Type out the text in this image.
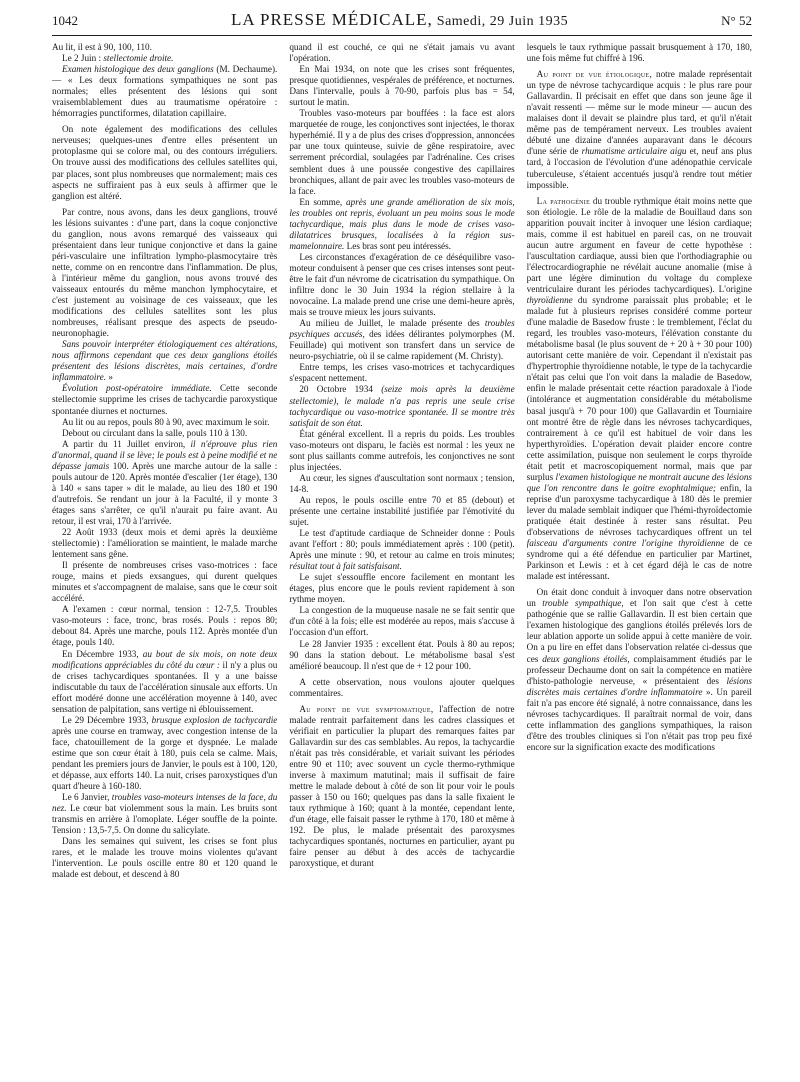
1042	LA PRESSE MÉDICALE, Samedi, 29 Juin 1935	N° 52

Au lit, il est à 90, 100, 110.

Le 2 Juin : stellectomie droite.

Examen histologique des deux ganglions (M. Dechaume). — « Les deux formations sympathiques ne sont pas normales; elles présentent des lésions qui sont vraisemblablement dues au traumatisme opératoire : hémorragies punctiformes, dilatation capillaire.

On note également des modifications des cellules nerveuses; quelques-unes d'entre elles présentent un protoplasme qui se colore mal, ou des contours irréguliers. On trouve aussi des modifications des cellules satellites qui, par places, sont plus nombreuses que normalement; mais ces aspects ne suffiraient pas à eux seuls à affirmer que le ganglion est altéré.

Par contre, nous avons, dans les deux ganglions, trouvé les lésions suivantes : d'une part, dans la coque conjonctive du ganglion, nous avons remarqué des vaisseaux qui présentaient dans leur tunique conjonctive et dans la gaine péri-vasculaire une infiltration lympho-plasmocytaire très nette, comme on en rencontre dans l'inflammation. De plus, à l'intérieur même du ganglion, nous avons trouvé des vaisseaux entourés du même manchon lymphocytaire, et c'est justement au voisinage de ces vaisseaux, que les modifications des cellules satellites sont les plus nombreuses, réalisant presque des aspects de pseudo-neuronophagie.

Sans pouvoir interpréter étiologiquement ces altérations, nous affirmons cependant que ces deux ganglions étoilés présentent des lésions discrètes, mais certaines, d'ordre inflammatoire. »

Évolution post-opératoire immédiate. Cette seconde stellectomie supprime les crises de tachycardie paroxystique spontanée diurnes et nocturnes.

Au lit ou au repos, pouls 80 à 90, avec maximum le soir.

Debout ou circulant dans la salle, pouls 110 à 130.

A partir du 11 Juillet environ, il n'éprouve plus rien d'anormal, quand il se lève; le pouls est à peine modifié et ne dépasse jamais 100. Après une marche autour de la salle : pouls autour de 120. Après montée d'escalier (1er étage), 130 à 140 « sans taper » dit le malade, au lieu des 180 et 190 d'autrefois. Se rendant un jour à la Faculté, il y monte 3 étages sans s'arrêter, ce qu'il n'aurait pu faire avant. Au retour, il est vrai, 170 à l'arrivée.

22 Août 1933 (deux mois et demi après la deuxième stellectomie) : l'amélioration se maintient, le malade marche lentement sans gêne.

Il présente de nombreuses crises vaso-motrices : face rouge, mains et pieds exsangues, qui durent quelques minutes et s'accompagnent de malaise, sans que le cœur soit accéléré.

A l'examen : cœur normal, tension : 12-7,5. Troubles vaso-moteurs : face, tronc, bras rosés. Pouls : repos 80; debout 84. Après une marche, pouls 112. Après montée d'un étage, pouls 140.

En Décembre 1933, au bout de six mois, on note deux modifications appréciables du côté du cœur : il n'y a plus ou de crises tachycardiques spontanées. Il y a une baisse indiscutable du taux de l'accélération sinusale aux efforts. Un effort modéré donne une accélération moyenne à 140, avec sensation de palpitation, sans vertige ni éblouissement.

Le 29 Décembre 1933, brusque explosion de tachycardie après une course en tramway, avec congestion intense de la face, chatouillement de la gorge et dyspnée. Le malade estime que son cœur était à 180, puis cela se calme. Mais, pendant les premiers jours de Janvier, le pouls est à 100, 120, et dépasse, aux efforts 140. La nuit, crises paroxystiques d'un quart d'heure à 160-180.

Le 6 Janvier, troubles vaso-moteurs intenses de la face, du nez. Le cœur bat violemment sous la main. Les bruits sont transmis en arrière à l'omoplate. Léger souffle de la pointe. Tension : 13,5-7,5. On donne du salicylate.

Dans les semaines qui suivent, les crises se font plus rares, et le malade les trouve moins violentes qu'avant l'intervention. Le pouls oscille entre 80 et 120 quand le malade est debout, et descend à 80

quand il est couché, ce qui ne s'était jamais vu avant l'opération.

En Mai 1934, on note que les crises sont fréquentes, presque quotidiennes, vespérales de préférence, et nocturnes. Dans l'intervalle, pouls à 70-90, parfois plus bas = 54, surtout le matin.

Troubles vaso-moteurs par bouffées : la face est alors marquetée de rouge, les conjonctives sont injectées, le thorax hyperhémié. Il y a de plus des crises d'oppression, annoncées par une toux quinteuse, suivie de gêne respiratoire, avec serrement précordial, soulagées par l'adrénaline. Ces crises semblent dues à une poussée congestive des capillaires bronchiques, allant de pair avec les troubles vaso-moteurs de la face.

En somme, après une grande amélioration de six mois, les troubles ont repris, évoluant un peu moins sous le mode tachycardique, mais plus dans le mode de crises vaso-dilatatrices brusques, localisées à la région sus-mamelonnaire. Les bras sont peu intéressés.

Les circonstances d'exagération de ce déséquilibre vaso-moteur conduisent à penser que ces crises intenses sont peut-être le fait d'un névrome de cicatrisation du sympathique. On infiltre donc le 30 Juin 1934 la région stellaire à la novocaïne. La malade prend une crise une demi-heure après, mais se trouve mieux les jours suivants.

Au milieu de Juillet, le malade présente des troubles psychiques accusés, des idées délirantes polymorphes (M. Feuillade) qui motivent son transfert dans un service de neuro-psychiatrie, où il se calme rapidement (M. Christy).

Entre temps, les crises vaso-motrices et tachycardiques s'espacent nettement.

20 Octobre 1934 (seize mois après la deuxième stellectomie), le malade n'a pas repris une seule crise tachycardique ou vaso-motrice spontanée. Il se montre très satisfait de son état.

État général excellent. Il a repris du poids. Les troubles vaso-moteurs ont disparu, le faciès est normal : les yeux ne sont plus saillants comme autrefois, les conjonctives ne sont plus injectées.

Au cœur, les signes d'auscultation sont normaux ; tension, 14-8.

Au repos, le pouls oscille entre 70 et 85 (debout) et présente une certaine instabilité justifiée par l'émotivité du sujet.

Le test d'aptitude cardiaque de Schneider donne : Pouls avant l'effort : 80; pouls immédiatement après : 100 (petit). Après une minute : 90, et retour au calme en trois minutes; résultat tout à fait satisfaisant.

Le sujet s'essouffle encore facilement en montant les étages, plus encore que le pouls revient rapidement à son rythme moyen.

La congestion de la muqueuse nasale ne se fait sentir que d'un côté à la fois; elle est modérée au repos, mais s'accuse à l'occasion d'un effort.

Le 28 Janvier 1935 : excellent état. Pouls à 80 au repos; 90 dans la station debout. Le métabolisme basal s'est amélioré beaucoup. Il n'est que de + 12 pour 100.

A cette observation, nous voulons ajouter quelques commentaires.

Au point de vue symptomatique, l'affection de notre malade rentrait parfaitement dans les cadres classiques et vérifiait en particulier la plupart des remarques faites par Gallavardin sur des cas semblables. Au repos, la tachycardie n'était pas très considérable, et variait suivant les périodes entre 90 et 110; avec souvent un cycle thermo-rythmique inverse à maximum matutinal; mais il suffisait de faire mettre le malade debout à côté de son lit pour voir le pouls passer à 150 ou 160; quelques pas dans la salle fixaient le taux rythmique à 160; quant à la montée, cependant lente, d'un étage, elle faisait passer le rythme à 170, 180 et même à 192. De plus, le malade présentait des paroxysmes tachycardiques spontanés, nocturnes en particulier, ayant pu faire penser au début à des accès de tachycardie paroxystique, et durant

lesquels le taux rythmique passait brusquement à 170, 180, une fois même fut chiffré à 196.

Au point de vue étiologique, notre malade représentait un type de névrose tachycardique acquis : le plus rare pour Gallavardin. Il précisait en effet que dans son jeune âge il n'avait ressenti — même sur le mode mineur — aucun des malaises dont il devait se plaindre plus tard, et qu'il n'était même pas de tempérament nerveux. Les troubles avaient débuté une dizaine d'années auparavant dans le décours d'une série de rhumatisme articulaire aigu et, neuf ans plus tard, à l'occasion de l'évolution d'une adénopathie cervicale tuberculeuse, s'étaient accentués jusqu'à rendre tout métier impossible.

La pathogénie du trouble rythmique était moins nette que son étiologie. Le rôle de la maladie de Bouillaud dans son apparition pouvait inciter à invoquer une lésion cardiaque; mais, comme il est habituel en pareil cas, on ne trouvait aucun autre argument en faveur de cette hypothèse : l'auscultation cardiaque, aussi bien que l'orthodiagraphie ou l'électrocardiographie ne révélait aucune anomalie (mise à part une légère diminution du voltage du complexe ventriculaire durant les périodes tachycardiques). L'origine thyroïdienne du syndrome paraissait plus probable; et le malade fut à plusieurs reprises considéré comme porteur d'une maladie de Basedow fruste : le tremblement, l'éclat du regard, les troubles vaso-moteurs, l'élévation constante du métabolisme basal (le plus souvent de + 20 à + 30 pour 100) autorisant cette manière de voir. Cependant il n'existait pas d'hypertrophie thyroïdienne notable, le type de la tachycardie n'était pas celui que l'on voit dans la maladie de Basedow, enfin le malade présentait cette réaction paradoxale à l'iode (intolérance et augmentation considérable du métabolisme basal jusqu'à + 70 pour 100) que Gallavardin et Tourniaire ont montré être de règle dans les névroses tachycardiques, contrairement à ce qu'il est habituel de voir dans les hyperthyroïdies. L'opération devait plaider encore contre cette assimilation, puisque non seulement le corps thyroïde était petit et macroscopiquement normal, mais que par surplus l'examen histologique ne montrait aucune des lésions que l'on rencontre dans le goitre exophtalmique; enfin, la reprise d'un paroxysme tachycardique à 180 dès le premier lever du malade semblait indiquer que l'hémi-thyroïdectomie pratiquée était destinée à rester sans résultat. Peu d'observations de névroses tachycardiques offrent un tel faisceau d'arguments contre l'origine thyroïdienne de ce syndrome qui a été défendue en particulier par Martinet, Parkinson et Lewis : et à cet égard déjà le cas de notre malade est intéressant.

On était donc conduit à invoquer dans notre observation un trouble sympathique, et l'on sait que c'est à cette pathogénie que se rallie Gallavardin. Il est bien certain que l'examen histologique des ganglions étoilés prélevés lors de leur ablation apporte un solide appui à cette manière de voir. On a pu lire en effet dans l'observation relatée ci-dessus que ces deux ganglions étoilés, complaisamment étudiés par le professeur Dechaume dont on sait la compétence en matière d'histo-pathologie nerveuse, « présentaient des lésions discrètes mais certaines d'ordre inflammatoire ». Un pareil fait n'a pas encore été signalé, à notre connaissance, dans les névroses tachycardiques. Il paraîtrait normal de voir, dans cette inflammation des ganglions sympathiques, la raison d'être des troubles cliniques si l'on n'était pas trop peu fixé encore sur la signification exacte des modifications
